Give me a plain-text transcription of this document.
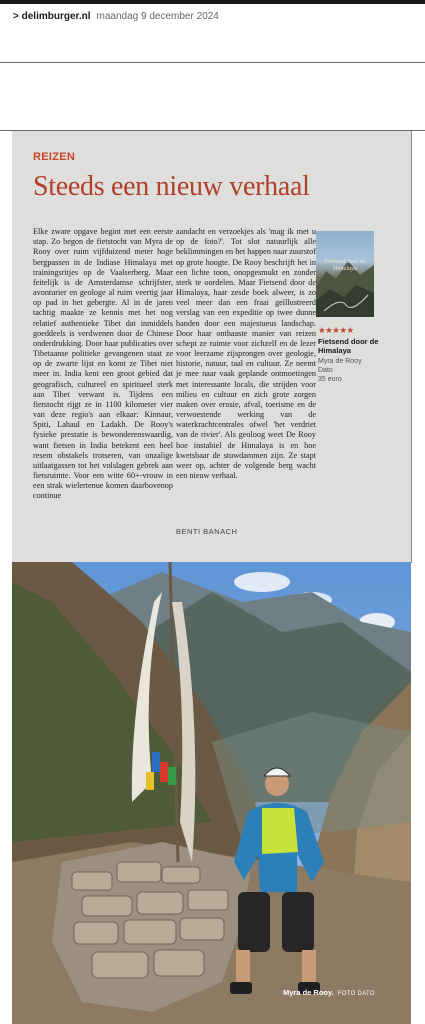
> delimburger.nl maandag 9 december 2024
REIZEN
Steeds een nieuw verhaal

Elke zware opgave begint met een eerste stap. Zo begon de fietstocht van Myra de Rooy over ruim vijfduizend meter hoge bergpassen in de Indiase Himalaya met trainingsritjes op de Vaalserberg. Maar feitelijk is de Amsterdamse schrijfster, avonturier en geologe al ruim veertig jaar op pad in het gebergte. Al in de jaren tachtig maakte ze kennis met het nog relatief authentieke Tibet dat inmiddels goeddeels is verdwenen door de Chinese onderdrukking. Door haar publicaties over Tibetaanse politieke gevangenen staat ze op de zwarte lijst en komt ze Tibet niet meer in. India kent een groot gebied dat geografisch, cultureel en spiritueel sterk aan Tibet verwant is. Tijdens een fietstocht rijgt ze in 1100 kilometer vier van deze regio's aan elkaar: Kinnaur, Spiti, Lahaul en Ladakh. De Rooy's fysieke prestatie is bewonderenswaardig, want fietsen in India betekent een heel resem obstakels trotseren, van onzalige uitlaatgassen tot het volslagen gebrek aan fietsruimte. Voor een witte 60+-vrouw in een strak wielertenue komen daarbovenop continue

aandacht en verzoekjes als 'mag ik met u op de foto?'. Tot slot natuurlijk alle beklimmingen en het happen naar zuurstof op grote hoogte. De Rooy beschrijft het in een lichte toon, onopgesmukt en zonder sterk te oordelen. Maar Fietsend door de Himalaya, haar zesde boek alweer, is zo veel meer dan een fraai geïllustreerd verslag van een expeditie op twee dunne banden door een majestueus landschap. Door haar onthaaste manier van reizen schept ze ruimte voor zichzelf en de lezer voor leerzame zijsprongen over geologie, historie, natuur, taal en cultuur. Ze neemt je mee naar vaak geplande ontmoetingen met interessante locals, die strijden voor milieu en cultuur en zich grote zorgen maken over erosie, afval, toerisme en de verwoestende werking van de waterkrachtcentrales ofwel 'het verdriet van de rivier'. Als geoloog weet De Rooy hoe instabiel de Himalaya is en hoe kwetsbaar de stuwdammen zijn. Ze stapt weer op, achter de volgende berg wacht een nieuw verhaal.

BENTI BANACH
Fietsend door de Himalaya
★★★★★
Fietsend door de Himalaya
Myra de Rooy
Dato
35 euro
Myra de Rooy. FOTO DATO
